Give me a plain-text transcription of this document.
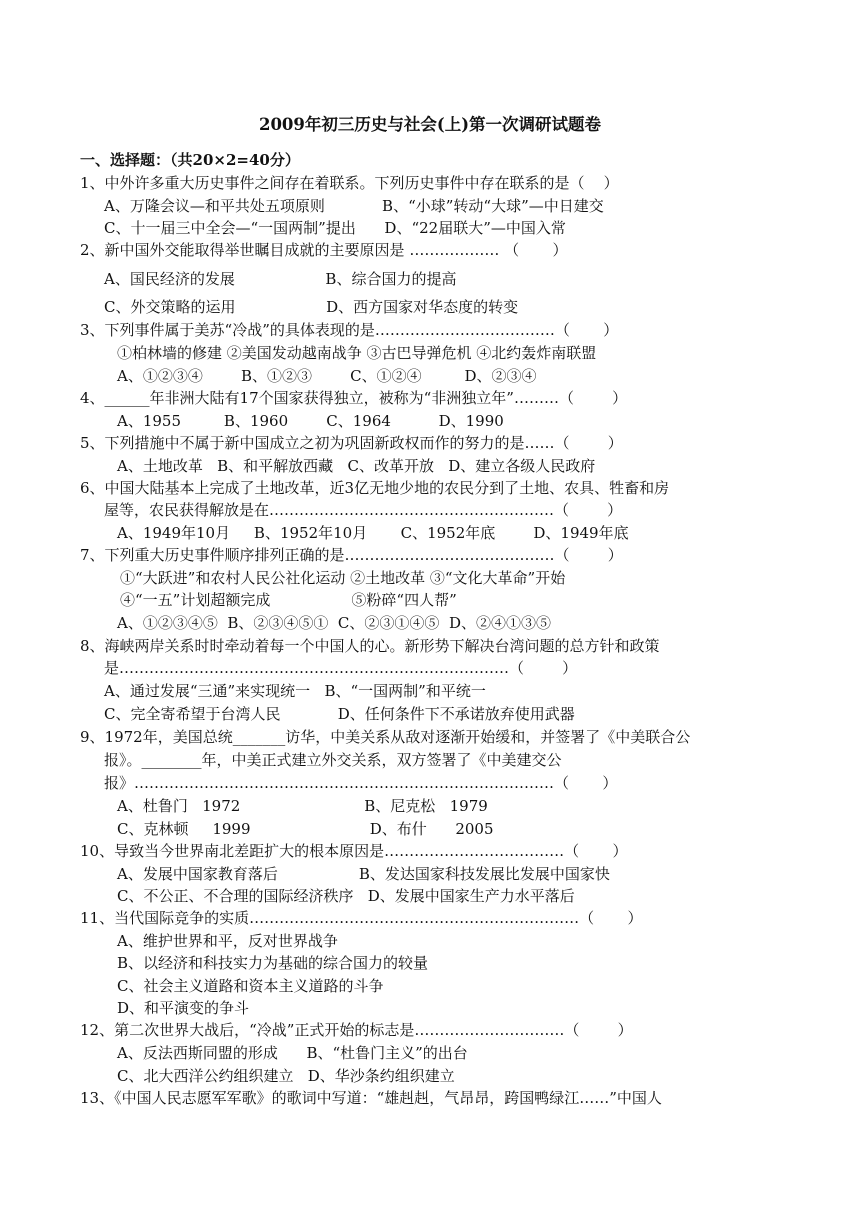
2009年初三历史与社会(上)第一次调研试题卷
一、选择题：（共20×2=40分）
1、中外许多重大历史事件之间存在着联系。下列历史事件中存在联系的是（    ）
A、万隆会议—和平共处五项原则            B、“小球”转动“大球”—中日建交
C、十一届三中全会—“一国两制”提出      D、“22届联大”—中国入常
2、新中国外交能取得举世瞩目成就的主要原因是 ……………… （       ）
A、国民经济的发展                   B、综合国力的提高
C、外交策略的运用                   D、西方国家对华态度的转变
3、下列事件属于美苏“冷战”的具体表现的是………………………………（       ）
①柏林墙的修建 ②美国发动越南战争 ③古巴导弹危机 ④北约轰炸南联盟
A、①②③④        B、①②③        C、①②④         D、②③④
4、______年非洲大陆有17个国家获得独立，被称为“非洲独立年”………（        ）
A、1955         B、1960        C、1964          D、1990
5、下列措施中不属于新中国成立之初为巩固新政权而作的努力的是……（        ）
A、土地改革   B、和平解放西藏   C、改革开放   D、建立各级人民政府
6、中国大陆基本上完成了土地改革，近3亿无地少地的农民分到了土地、农具、牲畜和房
屋等，农民获得解放是在…………………………………………………（        ）
A、1949年10月     B、1952年10月       C、1952年底        D、1949年底
7、下列重大历史事件顺序排列正确的是……………………………………（        ）
①“大跃进”和农村人民公社化运动 ②土地改革 ③“文化大革命”开始
④“一五”计划超额完成                 ⑤粉碎“四人帮”
A、①②③④⑤  B、②③④⑤①  C、②③①④⑤  D、②④①③⑤
8、海峡两岸关系时时牵动着每一个中国人的心。新形势下解决台湾问题的总方针和政策
是……………………………………………………………………（        ）
A、通过发展“三通”来实现统一   B、“一国两制”和平统一
C、完全寄希望于台湾人民            D、任何条件下不承诺放弃使用武器
9、1972年，美国总统_______访华，中美关系从敌对逐渐开始缓和，并签署了《中美联合公
报》。________年，中美正式建立外交关系，双方签署了《中美建交公
报》…………………………………………………………………………（       ）
A、杜鲁门   1972                          B、尼克松   1979
C、克林顿     1999                         D、布什      2005
10、导致当今世界南北差距扩大的根本原因是………………………………（       ）
A、发展中国家教育落后                 B、发达国家科技发展比发展中国家快
C、不公正、不合理的国际经济秩序   D、发展中国家生产力水平落后
11、当代国际竞争的实质…………………………………………………………（       ）
A、维护世界和平，反对世界战争
B、以经济和科技实力为基础的综合国力的较量
C、社会主义道路和资本主义道路的斗争
D、和平演变的争斗
12、第二次世界大战后，“冷战”正式开始的标志是…………………………（        ）
A、反法西斯同盟的形成      B、“杜鲁门主义”的出台
C、北大西洋公约组织建立   D、华沙条约组织建立
13、《中国人民志愿军军歌》的歌词中写道：“雄赳赳，气昂昂，跨国鸭绿江……”中国人
